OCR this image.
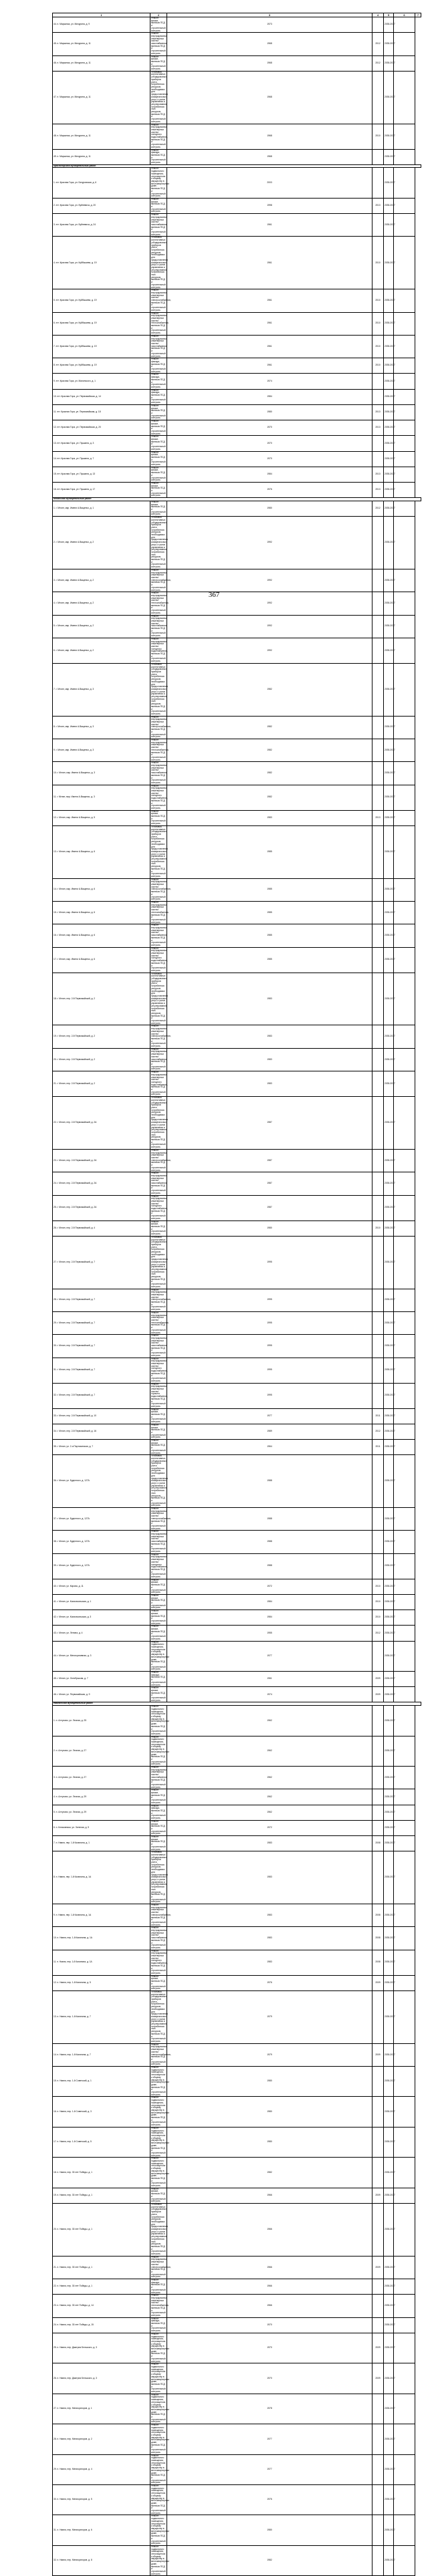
1	2	3	4	5	6	7
44. п. Марьинка, ул. Мичурина, д. 9	Ремонт крыши, включая ПСД и строительный контроль	1973		2035-2037		
45. п. Марьинка, ул. Мичурина, д. 11	Ремонт внутридомовых инженерных систем газоснабжения, включая ПСД и строительный контроль	1968	2012	2035-2037		
46. п. Марьинка, ул. Мичурина, д. 11	Ремонт крыши, включая ПСД и строительный контроль	1968	2012	2035-2037		
47. п. Марьинка, ул. Мичурина, д. 11	Установка коллективных (общедомовых) приборов учета потребления ресурсов, необходимых для предоставления коммунальных услуг, и узлов управления и регулирования потребления этих ресурсов, включая ПСД и строительный контроль	1968		2035-2037		
48. п. Марьинка, ул. Мичурина, д. 11	Ремонт внутридомовых инженерных систем холодного водоснабжения, включая ПСД и строительный контроль	1968	2010	2035-2037		
49. п. Марьинка, ул. Мичурина, д. 11	Ремонт фасада, включая ПСД и строительный контроль	1968		2035-2037		
Красногорский муниципальный район						
1. пгт. Красная Гора, ул. Батуровская, д. 6	Ремонт подвального помещения, относящегося к общему имуществу в многоквартирном доме, включая ПСД и строительный контроль	2003		2035-2037		
2. пгт. Красная Гора, ул. Буйневича, д. 20	Ремонт крыши, включая ПСД и строительный контроль	1998	2013	2035-2037		
3. пгт. Красная Гора, ул. Буйневича, д. 24	Ремонт внутридомовых инженерных систем газоснабжения, включая ПСД и строительный контроль	1961		2035-2037		
4. пгт. Красная Гора, ул. Куйбышева, д. 19	Установка коллективных (общедомовых) приборов учета потребления ресурсов, необходимых для предоставления коммунальных услуг, и узлов управления и регулирования потребления этих ресурсов, включая ПСД и строительный контроль	1961	2010	2035-2037		
5. пгт. Красная Гора, ул. Куйбышева, д. 19	Ремонт внутридомовых инженерных систем электроснабжения, включая ПСД и строительный контроль	1961	2010	2035-2037		
6. пгт. Красная Гора, ул. Куйбышева, д. 19	Ремонт внутридомовых инженерных систем теплоснабжения, включая ПСД и строительный контроль	1961	2010	2035-2037		
7. пгт. Красная Гора, ул. Куйбышева, д. 19	Ремонт внутридомовых инженерных систем газоснабжения, включая ПСД и строительный контроль	1961	2010	2035-2037		
8. пгт. Красная Гора, ул. Куйбышева, д. 19	Ремонт фасада, включая ПСД и строительный контроль	1961	2010	2035-2037		
9. пгт. Красная Гора, ул. Малинского, д. 1	Ремонт фасада, включая ПСД и строительный контроль	1974		2035-2037		
10. пгт. Красная Гора, ул. Первомайская, д. 14	Ремонт фасада, включая ПСД и строительный контроль	1984		2035-2037		
11. пгт. Красная Гора, ул. Первомайская, д. 18	Ремонт крыши, включая ПСД и строительный контроль	1980	2013	2035-2037		
12. пгт. Красная Гора, ул. Первомайская, д. 20	Ремонт крыши, включая ПСД и строительный контроль	1970	2013	2035-2037		
13. пгт. Красная Гора, ул. Пушкина, д. 3	Ремонт крыши, включая ПСД и строительный контроль	1970		2035-2037		
14. пгт. Красная Гора, ул. Пушкина, д. 7	Ремонт крыши, включая ПСД и строительный контроль	1970		2035-2037		
15. пгт. Красная Гора, ул. Пушкина, д. 13	Ремонт крыши, включая ПСД и строительный контроль	1984	2013	2035-2037		
16. пгт. Красная Гора, ул. Пушкина, д. 17	Ремонт крыши, включая ПСД и строительный контроль	1976	2013	2035-2037		
Мглинский муниципальный район						
1. г. Мглин, мкр. Имени А.Ващенко, д. 1	Ремонт крыши, включая ПСД и строительный контроль	1980	2012	2035-2037		
2. г. Мглин, мкр. Имени А.Ващенко, д. 2	Установка коллективных (общедомовых) приборов учета потребления ресурсов, необходимых для предоставления коммунальных услуг, и узлов управления и регулирования потребления этих ресурсов, включая ПСД и строительный контроль	1992		2035-2037		
3. г. Мглин, мкр. Имени А.Ващенко, д. 2	Ремонт внутридомовых инженерных систем электроснабжения, включая ПСД и строительный контроль	1992		2035-2037		
4. г. Мглин, мкр. Имени А.Ващенко, д. 2	Ремонт внутридомовых инженерных систем теплоснабжения, включая ПСД и строительный контроль	1992		2035-2037		
5. г. Мглин, мкр. Имени А.Ващенко, д. 2	Ремонт внутридомовых инженерных систем газоснабжения, включая ПСД и строительный контроль	1992		2035-2037		
6. г. Мглин, мкр. Имени А.Ващенко, д. 2	Ремонт внутридомовых инженерных систем холодного водоснабжения, включая ПСД и строительный контроль	1992		2035-2037		
7. г. Мглин, мкр. Имени А.Ващенко, д. 3	Установка коллективных (общедомовых) приборов учета потребления ресурсов, необходимых для предоставления коммунальных услуг, и узлов управления и регулирования потребления этих ресурсов, включая ПСД и строительный контроль	1982		2035-2037		
8. г. Мглин, мкр. Имени А.Ващенко, д. 3	Ремонт внутридомовых инженерных систем электроснабжения, включая ПСД и строительный контроль	1982		2035-2037		
9. г. Мглин, мкр. Имени А.Ващенко, д. 3	Ремонт внутридомовых инженерных систем теплоснабжения, включая ПСД и строительный контроль	1982		2035-2037		
10. г. Мглин, мкр. Имени А.Ващенко, д. 3	Ремонт внутридомовых инженерных систем газоснабжения, включая ПСД и строительный контроль	1982		2035-2037		
11. г. Мглин, мкр. Имени А.Ващенко, д. 3	Ремонт внутридомовых инженерных систем холодного водоснабжения, включая ПСД и строительный контроль	1982		2035-2037		
12. г. Мглин, мкр. Имени А.Ващенко, д. 5	Ремонт крыши, включая ПСД и строительный контроль	1983	2013	2035-2037		
13. г. Мглин, мкр. Имени А.Ващенко, д. 6	Установка коллективных (общедомовых) приборов учета потребления ресурсов, необходимых для предоставления коммунальных услуг, и узлов управления и регулирования потребления этих ресурсов, включая ПСД и строительный контроль	1985		2035-2037		
14. г. Мглин, мкр. Имени А.Ващенко, д. 6	Ремонт внутридомовых инженерных систем электроснабжения, включая ПСД и строительный контроль	1985		2035-2037		
15. г. Мглин, мкр. Имени А.Ващенко, д. 6	Ремонт внутридомовых инженерных систем теплоснабжения, включая ПСД и строительный контроль	1985		2035-2037		
16. г. Мглин, мкр. Имени А.Ващенко, д. 6	Ремонт внутридомовых инженерных систем газоснабжения, включая ПСД и строительный контроль	1985		2035-2037		
17. г. Мглин, мкр. Имени А.Ващенко, д. 6	Ремонт внутридомовых инженерных систем холодного водоснабжения, включая ПСД и строительный контроль	1985		2035-2037		
18. г. Мглин, пер. 2-й Первомайский, д. 2	Установка коллективных (общедомовых) приборов учета потребления ресурсов, необходимых для предоставления коммунальных услуг, и узлов управления и регулирования потребления этих ресурсов, включая ПСД и строительный контроль	1983		2035-2037		
19. г. Мглин, пер. 2-й Первомайский, д. 2	Ремонт внутридомовых инженерных систем электроснабжения, включая ПСД и строительный контроль	1983		2035-2037		
20. г. Мглин, пер. 2-й Первомайский, д. 2	Ремонт внутридомовых инженерных систем газоснабжения, включая ПСД и строительный контроль	1983		2035-2037		
21. г. Мглин, пер. 2-й Первомайский, д. 2	Ремонт внутридомовых инженерных систем холодного водоснабжения, включая ПСД и строительный контроль	1983		2035-2037		
22. г. Мглин, пер. 2-й Первомайский, д. 2А	Установка коллективных (общедомовых) приборов учета потребления ресурсов, необходимых для предоставления коммунальных услуг, и узлов управления и регулирования потребления этих ресурсов, включая ПСД и строительный контроль	1987		2035-2037		
23. г. Мглин, пер. 2-й Первомайский, д. 2А	Ремонт внутридомовых инженерных систем электроснабжения, включая ПСД и строительный контроль	1987		2035-2037		
24. г. Мглин, пер. 2-й Первомайский, д. 2А	Ремонт внутридомовых инженерных систем газоснабжения, включая ПСД и строительный контроль	1987		2035-2037		
25. г. Мглин, пер. 2-й Первомайский, д. 2А	Ремонт внутридомовых инженерных систем холодного водоснабжения, включая ПСД и строительный контроль	1987		2035-2037		
26. г. Мглин, пер. 2-й Первомайский, д. 4	Ремонт крыши, включая ПСД и строительный контроль	1980	2010	2035-2037		
27. г. Мглин, пер. 2-й Первомайский, д. 7	Установка коллективных (общедомовых) приборов учета потребления ресурсов, необходимых для предоставления коммунальных услуг, и узлов управления и регулирования потребления этих ресурсов, включая ПСД и строительный контроль	1995		2035-2037		
28. г. Мглин, пер. 2-й Первомайский, д. 7	Ремонт внутридомовых инженерных систем электроснабжения, включая ПСД и строительный контроль	1995		2035-2037		
29. г. Мглин, пер. 2-й Первомайский, д. 7	Ремонт внутридомовых инженерных систем теплоснабжения, включая ПСД и строительный контроль	1995		2035-2037		
30. г. Мглин, пер. 2-й Первомайский, д. 7	Ремонт внутридомовых инженерных систем газоснабжения, включая ПСД и строительный контроль	1995		2035-2037		
31. г. Мглин, пер. 2-й Первомайский, д. 7	Ремонт внутридомовых инженерных систем холодного водоснабжения, включая ПСД и строительный контроль	1995		2035-2037		
32. г. Мглин, пер. 2-й Первомайский, д. 7	Ремонт внутридомовых инженерных систем горячего водоснабжения, включая ПСД и строительный контроль	1995		2035-2037		
33. г. Мглин, пер. 2-й Первомайский, д. 10	Ремонт крыши, включая ПСД и строительный контроль	1977	2011	2035-2037		
34. г. Мглин, пер. 2-й Первомайский, д. 16	Ремонт крыши, включая ПСД и строительный контроль	1989	2012	2035-2037		
35. г. Мглин, ул. 2-я Партизанская, д. 7	Ремонт крыши, включая ПСД и строительный контроль	1964	2011	2035-2037		
36. г. Мглин, ул. Буденного, д. 127А	Установка коллективных (общедомовых) приборов учета потребления ресурсов, необходимых для предоставления коммунальных услуг, и узлов управления и регулирования потребления этих ресурсов, включая ПСД и строительный контроль	1988		2035-2037		
37. г. Мглин, ул. Буденного, д. 127А	Ремонт внутридомовых инженерных систем электроснабжения, включая ПСД и строительный контроль	1988		2035-2037		
38. г. Мглин, ул. Буденного, д. 127А	Ремонт внутридомовых инженерных систем газоснабжения, включая ПСД и строительный контроль	1988		2035-2037		
39. г. Мглин, ул. Буденного, д. 127А	Ремонт внутридомовых инженерных систем холодного водоснабжения, включая ПСД и строительный контроль	1988		2035-2037		
40. г. Мглин, ул. Кирова, д. 11	Ремонт крыши, включая ПСД и строительный контроль	1972	2010	2035-2037		
41. г. Мглин, ул. Комсомольская, д. 1	Ремонт крыши, включая ПСД и строительный контроль	1984	2010	2035-2037		
42. г. Мглин, ул. Комсомольская, д. 3	Ремонт крыши, включая ПСД и строительный контроль	1984	2010	2035-2037		
43. г. Мглин, ул. Ленина, д. 4	Ремонт крыши, включая ПСД и строительный контроль	1955	2012	2035-2037		
44. г. Мглин, ул. Мелиоративная, д. 3	Ремонт подвального помещения, относящегося к общему имуществу в многоквартирном доме, включая ПСД и строительный контроль	1977		2035-2037		
45. г. Мглин, ул. Октябрьская, д. 7	Ремонт фасада, включая ПСД и строительный контроль	1961	2009	2035-2037		
46. г. Мглин, ул. Первомайская, д. 9	Ремонт крыши, включая ПСД и строительный контроль	1974	2009	2035-2037		
Навлинский муниципальный район						
1. п. Алтухово, ул. Лесная, д. 25	Ремонт подвального помещения, относящегося к общему имуществу в многоквартирном доме, включая ПСД и строительный контроль	1962		2035-2037		
2. п. Алтухово, ул. Лесная, д. 27	Ремонт подвального помещения, относящегося к общему имуществу в многоквартирном доме, включая ПСД и строительный контроль	1962		2035-2037		
3. п. Алтухово, ул. Лесная, д. 27	Ремонт внутридомовых инженерных систем газоснабжения, включая ПСД и строительный контроль	1962		2035-2037		
4. п. Алтухово, ул. Лесная, д. 29	Ремонт крыши, включая ПСД и строительный контроль	1962		2035-2037		
5. п. Алтухово, ул. Лесная, д. 29	Ремонт фасада, включая ПСД и строительный контроль	1962		2035-2037		
6. п. Клюковники, ул. Зеленая, д. 9	Ремонт крыши, включая ПСД и строительный контроль	1972		2035-2037		
7. п. Навля, пер. 1-й Калинина, д. 1	Ремонт крыши, включая ПСД и строительный контроль	1983	2008	2035-2037		
8. п. Навля, пер. 1-й Калинина, д. 1А	Установка коллективных (общедомовых) приборов учета потребления ресурсов, необходимых для предоставления коммунальных услуг, и узлов управления и регулирования потребления этих ресурсов, включая ПСД и строительный контроль	1983		2035-2037		
9. п. Навля, пер. 1-й Калинина, д. 1А	Ремонт внутридомовых инженерных систем электроснабжения, включая ПСД и строительный контроль	1983	2008	2035-2037		
10. п. Навля, пер. 1-й Калинина, д. 1А	Ремонт внутридомовых инженерных систем газоснабжения, включая ПСД и строительный контроль	1983	2008	2035-2037		
11. п. Навля, пер. 1-й Калинина, д. 1А	Ремонт внутридомовых инженерных систем холодного водоснабжения, включая ПСД и строительный контроль	1983	2008	2035-2037		
12. п. Навля, пер. 1-й Калинина, д. 5	Ремонт крыши, включая ПСД и строительный контроль	1976	2009	2035-2037		
13. п. Навля, пер. 1-й Калинина, д. 7	Установка коллективных (общедомовых) приборов учета потребления ресурсов, необходимых для предоставления коммунальных услуг, и узлов управления и регулирования потребления этих ресурсов, включая ПСД и строительный контроль	1979		2035-2037		
14. п. Навля, пер. 1-й Калинина, д. 7	Ремонт внутридомовых инженерных систем электроснабжения, включая ПСД и строительный контроль	1979	2009	2035-2037		
15. п. Навля, пер. 1-й Советский, д. 1	Ремонт подвального помещения, относящегося к общему имуществу в многоквартирном доме, включая ПСД и строительный контроль	1980		2035-2037		
16. п. Навля, пер. 1-й Советский, д. 3	Ремонт подвального помещения, относящегося к общему имуществу в многоквартирном доме, включая ПСД и строительный контроль	1980		2035-2037		
17. п. Навля, пер. 1-й Советский, д. 5	Ремонт подвального помещения, относящегося к общему имуществу в многоквартирном доме, включая ПСД и строительный контроль	1980		2035-2037		
18. п. Навля, пер. 30 лет Победы, д. 1	Ремонт подвального помещения, относящегося к общему имуществу в многоквартирном доме, включая ПСД и строительный контроль	1982		2035-2037		
19. п. Навля, пер. 30 лет Победы, д. 1	Ремонт крыши, включая ПСД и строительный контроль	1966	2009	2035-2037		
20. п. Навля, пер. 30 лет Победы, д. 1	Установка коллективных (общедомовых) приборов учета потребления ресурсов, необходимых для предоставления коммунальных услуг, и узлов управления и регулирования потребления этих ресурсов, включая ПСД и строительный контроль	1966		2035-2037		
21. п. Навля, пер. 30 лет Победы, д. 1	Ремонт внутридомовых инженерных систем электроснабжения, включая ПСД и строительный контроль	1966	2009	2035-2037		
22. п. Навля, пер. 30 лет Победы, д. 1	Ремонт фасада, включая ПСД и строительный контроль	1966		2035-2037		
23. п. Навля, пер. 30 лет Победы, д. 14	Ремонт внутридомовых инженерных систем теплоснабжения, включая ПСД и строительный контроль	1966		2035-2037		
24. п. Навля, пер. 30 лет Победы, д. 15	Ремонт фасада, включая ПСД и строительный контроль	1970		2035-2037		
25. п. Навля, пер. Дмитрия Бельского, д. 3	Ремонт подвального помещения, относящегося к общему имуществу в многоквартирном доме, включая ПСД и строительный контроль	1970	2009	2035-2037		
26. п. Навля, пер. Дмитрия Бельского, д. 3	Ремонт подвального помещения, относящегося к общему имуществу в многоквартирном доме, включая ПСД и строительный контроль	1970	2009	2035-2037		
27. п. Навля, пер. Мелиораторов, д. 1	Ремонт подвального помещения, относящегося к общему имуществу в многоквартирном доме, включая ПСД и строительный контроль	1978		2035-2037		
28. п. Навля, пер. Мелиораторов, д. 2	Ремонт подвального помещения, относящегося к общему имуществу в многоквартирном доме, включая ПСД и строительный контроль	1977		2035-2037		
29. п. Навля, пер. Мелиораторов, д. 4	Ремонт подвального помещения, относящегося к общему имуществу в многоквартирном доме, включая ПСД и строительный контроль	1977		2035-2037		
30. п. Навля, пер. Мелиораторов, д. 5	Ремонт подвального помещения, относящегося к общему имуществу в многоквартирном доме, включая ПСД и строительный контроль	1976		2035-2037		
31. п. Навля, пер. Мелиораторов, д. 6	Ремонт подвального помещения, относящегося к общему имуществу в многоквартирном доме, включая ПСД и строительный контроль	1980		2035-2037		
32. п. Навля, пер. Мелиораторов, д. 8	Ремонт подвального помещения, относящегося к общему имуществу в многоквартирном доме, включая ПСД и строительный контроль	1982		2035-2037		
367
